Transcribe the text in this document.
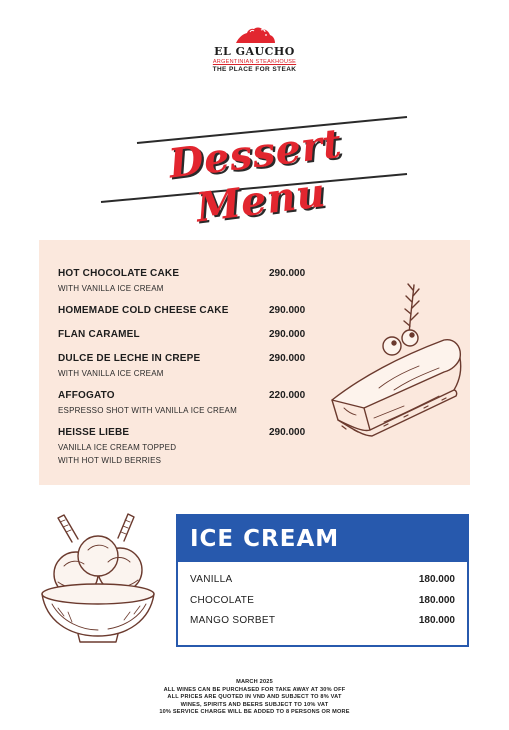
EL GAUCHO
ARGENTINIAN STEAKHOUSE
THE PLACE FOR STEAK
Dessert Menu
HOT CHOCOLATE CAKE
WITH VANILLA ICE CREAM
290.000
HOMEMADE COLD CHEESE CAKE	290.000
FLAN CARAMEL	290.000
DULCE DE LECHE IN CREPE
WITH VANILLA ICE CREAM
290.000
AFFOGATO
ESPRESSO SHOT WITH VANILLA ICE CREAM
220.000
HEISSE LIEBE
VANILLA ICE CREAM TOPPED
WITH HOT WILD BERRIES
290.000
ICE CREAM
VANILLA	180.000
CHOCOLATE	180.000
MANGO SORBET	180.000
MARCH 2025
ALL WINES CAN BE PURCHASED FOR TAKE AWAY AT 30% OFF
ALL PRICES ARE QUOTED IN VND AND SUBJECT TO 8% VAT
WINES, SPIRITS AND BEERS SUBJECT TO 10% VAT
10% SERVICE CHARGE WILL BE ADDED TO 8 PERSONS OR MORE
